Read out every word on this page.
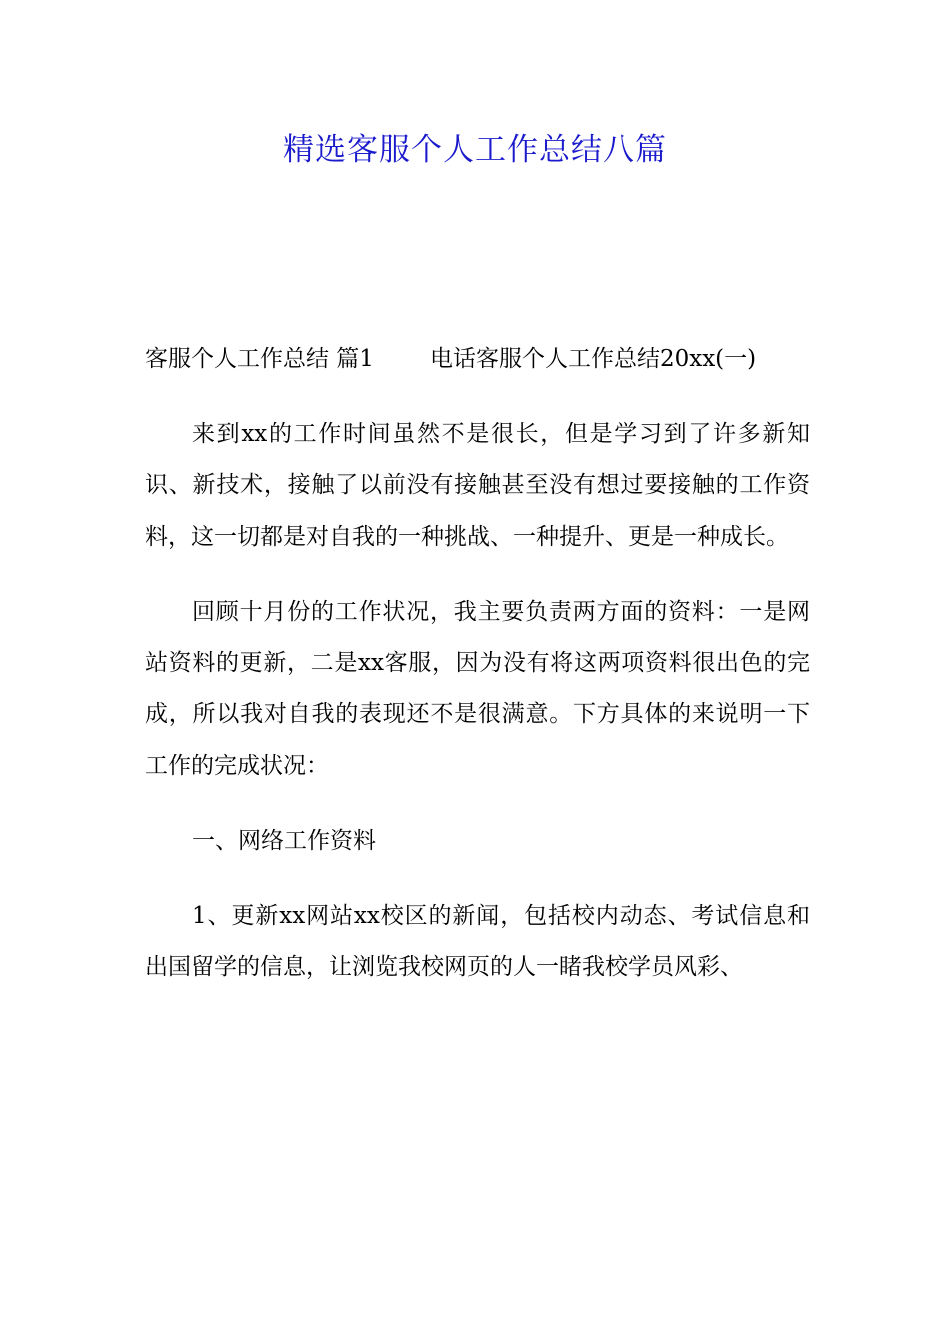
精选客服个人工作总结八篇

客服个人工作总结 篇1 电话客服个人工作总结20xx(一)

来到xx的工作时间虽然不是很长，但是学习到了许多新知识、新技术，接触了以前没有接触甚至没有想过要接触的工作资料，这一切都是对自我的一种挑战、一种提升、更是一种成长。

回顾十月份的工作状况，我主要负责两方面的资料：一是网站资料的更新，二是xx客服，因为没有将这两项资料很出色的完成，所以我对自我的表现还不是很满意。下方具体的来说明一下工作的完成状况：

一、网络工作资料

1、更新xx网站xx校区的新闻，包括校内动态、考试信息和出国留学的信息，让浏览我校网页的人一睹我校学员风彩、
